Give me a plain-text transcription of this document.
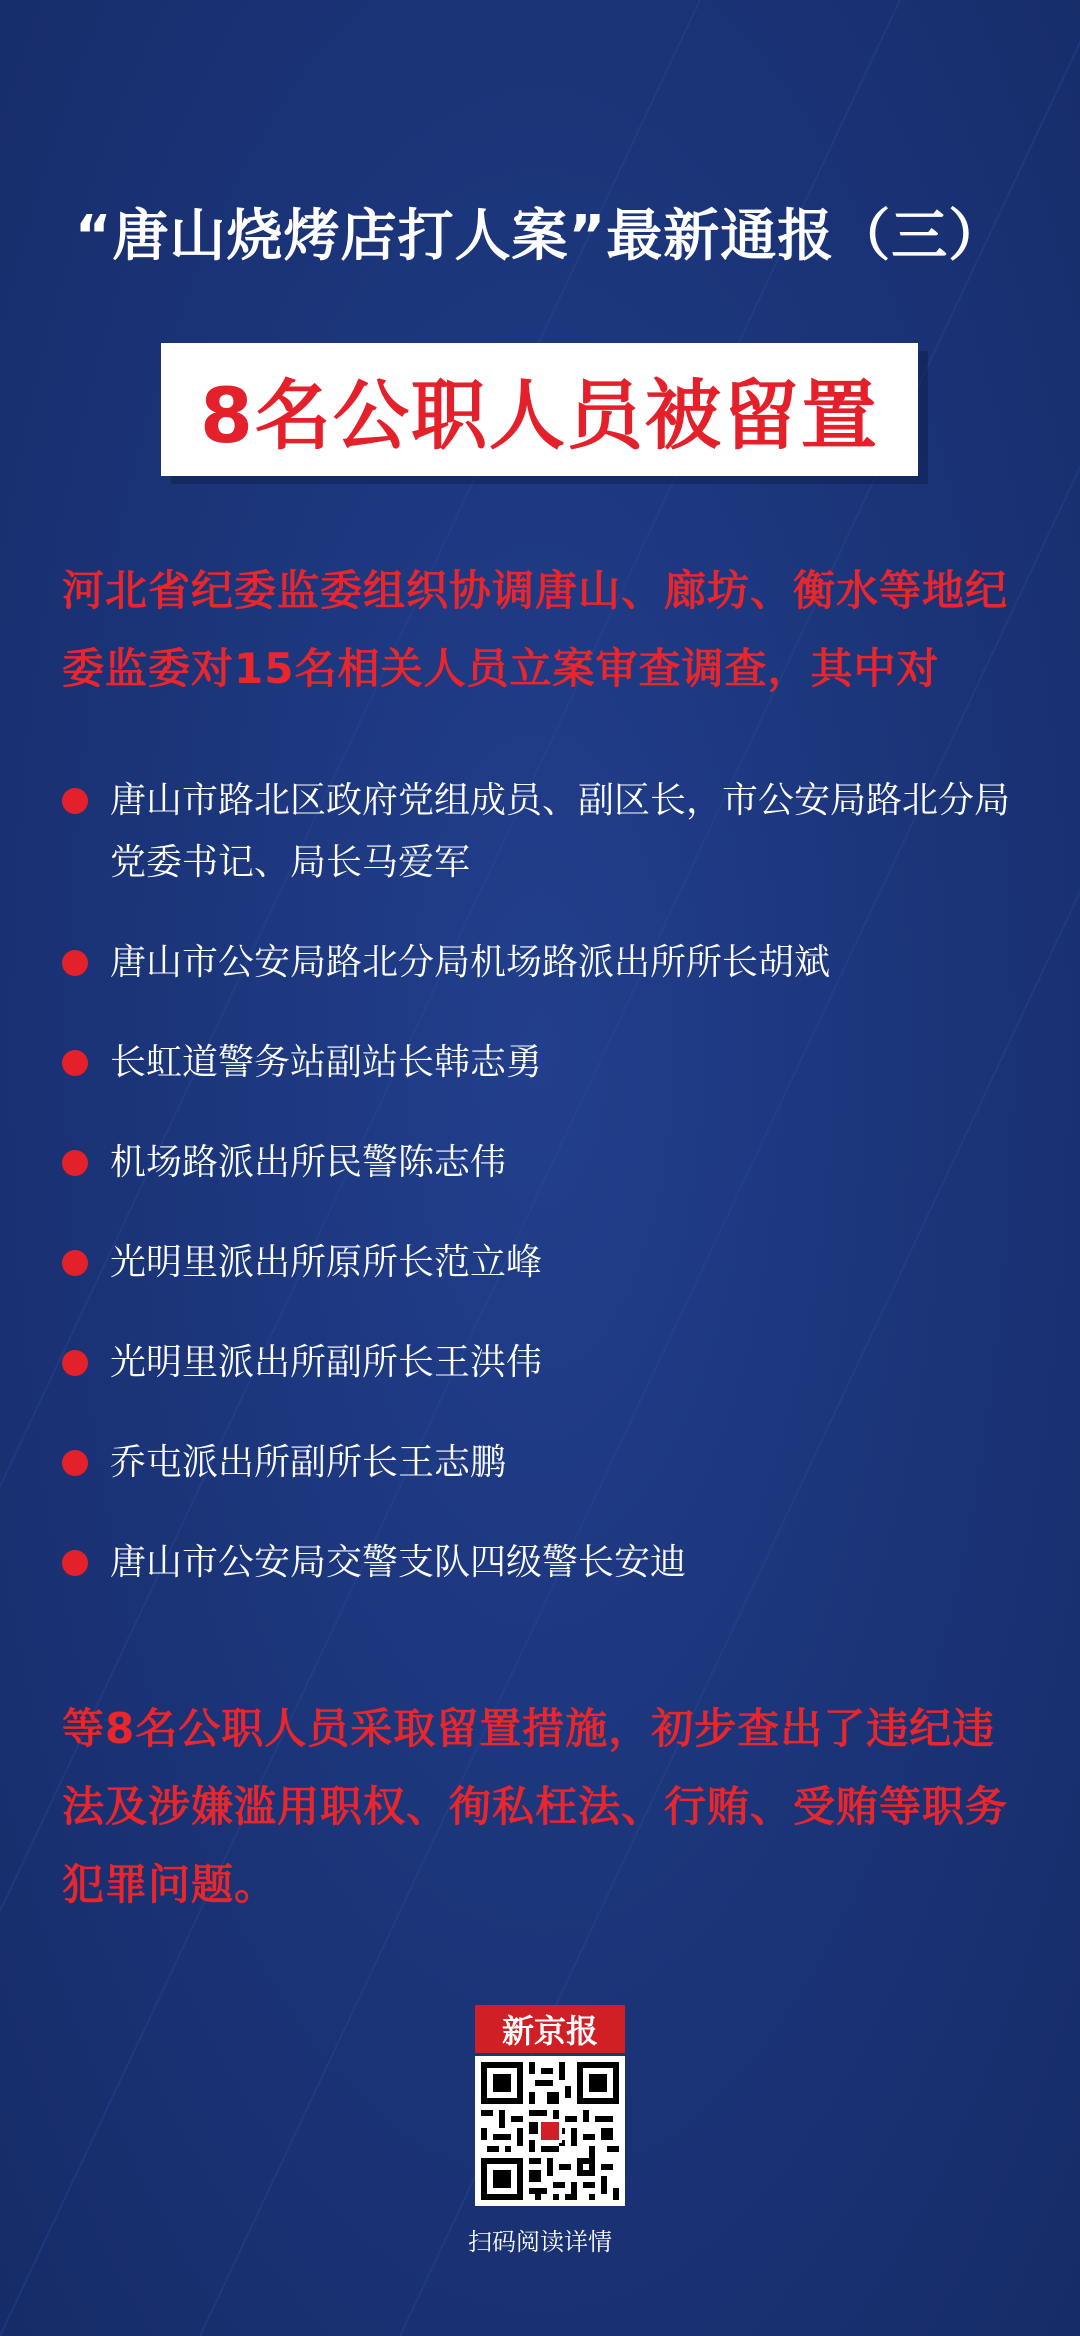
“唐山烧烤店打人案”最新通报（三）
8名公职人员被留置
河北省纪委监委组织协调唐山、廊坊、衡水等地纪委监委对15名相关人员立案审查调查，其中对
唐山市路北区政府党组成员、副区长，市公安局路北分局党委书记、局长马爱军
唐山市公安局路北分局机场路派出所所长胡斌
长虹道警务站副站长韩志勇
机场路派出所民警陈志伟
光明里派出所原所长范立峰
光明里派出所副所长王洪伟
乔屯派出所副所长王志鹏
唐山市公安局交警支队四级警长安迪
等8名公职人员采取留置措施，初步查出了违纪违法及涉嫌滥用职权、徇私枉法、行贿、受贿等职务犯罪问题。
新京报
扫码阅读详情
